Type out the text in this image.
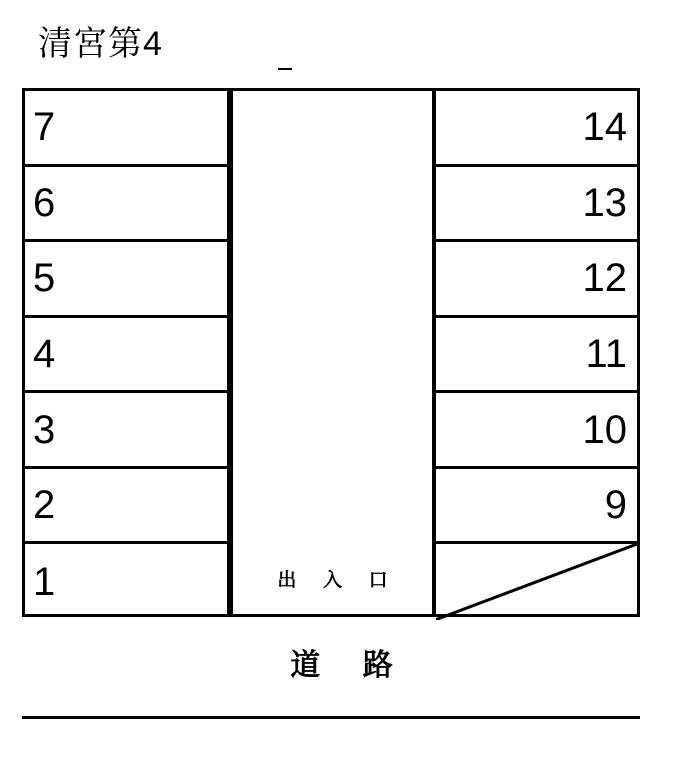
清宮第4
7
6
5
4
3
2
1	出 入 口
14
13
12
11
10
9
道 路
